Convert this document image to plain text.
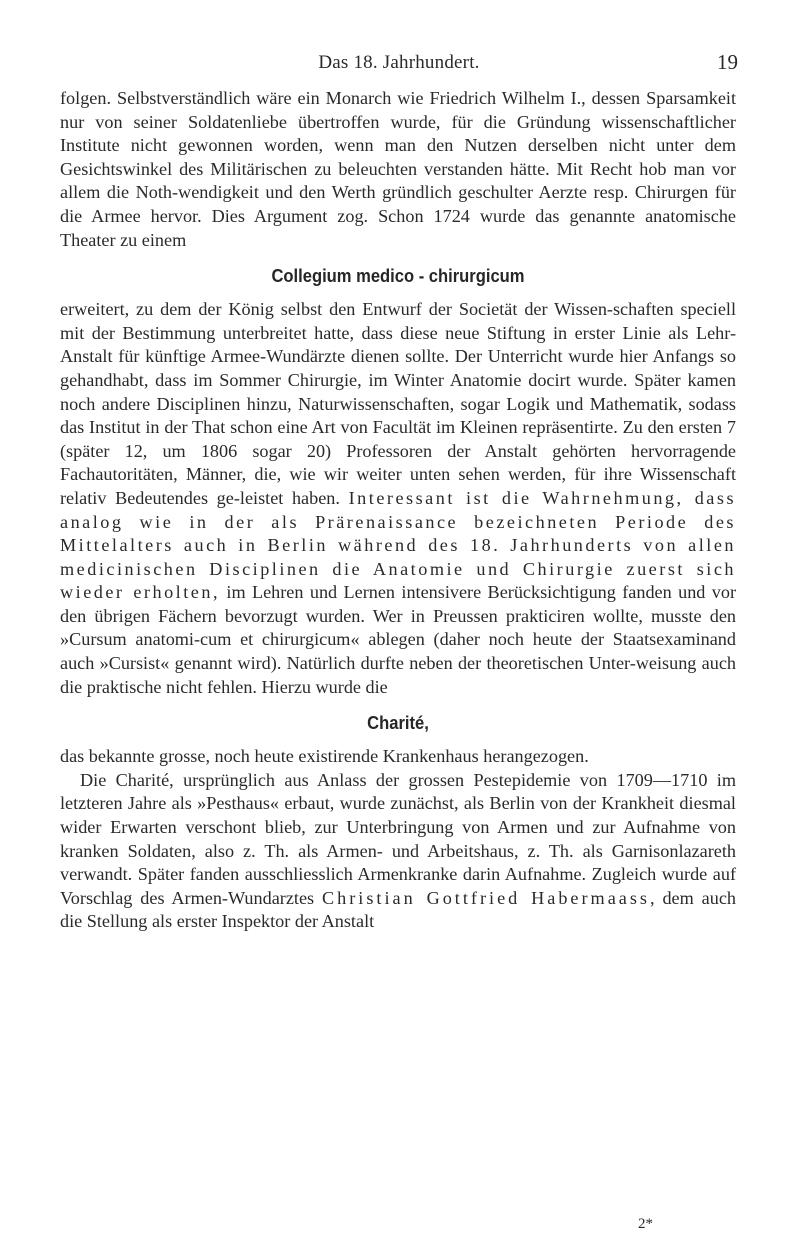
Das 18. Jahrhundert.	19

folgen. Selbstverständlich wäre ein Monarch wie Friedrich Wilhelm I., dessen Sparsamkeit nur von seiner Soldatenliebe übertroffen wurde, für die Gründung wissenschaftlicher Institute nicht gewonnen worden, wenn man den Nutzen derselben nicht unter dem Gesichtswinkel des Militärischen zu beleuchten verstanden hätte. Mit Recht hob man vor allem die Noth-wendigkeit und den Werth gründlich geschulter Aerzte resp. Chirurgen für die Armee hervor. Dies Argument zog. Schon 1724 wurde das genannte anatomische Theater zu einem

Collegium medico - chirurgicum

erweitert, zu dem der König selbst den Entwurf der Societät der Wissen-schaften speciell mit der Bestimmung unterbreitet hatte, dass diese neue Stiftung in erster Linie als Lehr-Anstalt für künftige Armee-Wundärzte dienen sollte. Der Unterricht wurde hier Anfangs so gehandhabt, dass im Sommer Chirurgie, im Winter Anatomie docirt wurde. Später kamen noch andere Disciplinen hinzu, Naturwissenschaften, sogar Logik und Mathematik, sodass das Institut in der That schon eine Art von Facultät im Kleinen repräsentirte. Zu den ersten 7 (später 12, um 1806 sogar 20) Professoren der Anstalt gehörten hervorragende Fachautoritäten, Männer, die, wie wir weiter unten sehen werden, für ihre Wissenschaft relativ Bedeutendes ge-leistet haben. Interessant ist die Wahrnehmung, dass analog wie in der als Prärenaissance bezeichneten Periode des Mittelalters auch in Berlin während des 18. Jahrhunderts von allen medicinischen Disciplinen die Anatomie und Chirurgie zuerst sich wieder erholten, im Lehren und Lernen intensivere Berücksichtigung fanden und vor den übrigen Fächern bevorzugt wurden. Wer in Preussen prakticiren wollte, musste den »Cursum anatomi-cum et chirurgicum« ablegen (daher noch heute der Staatsexaminand auch »Cursist« genannt wird). Natürlich durfte neben der theoretischen Unter-weisung auch die praktische nicht fehlen. Hierzu wurde die

Charité,

das bekannte grosse, noch heute existirende Krankenhaus herangezogen.

Die Charité, ursprünglich aus Anlass der grossen Pestepidemie von 1709—1710 im letzteren Jahre als »Pesthaus« erbaut, wurde zunächst, als Berlin von der Krankheit diesmal wider Erwarten verschont blieb, zur Unterbringung von Armen und zur Aufnahme von kranken Soldaten, also z. Th. als Armen- und Arbeitshaus, z. Th. als Garnisonlazareth verwandt. Später fanden ausschliesslich Armenkranke darin Aufnahme. Zugleich wurde auf Vorschlag des Armen-Wundarztes Christian Gottfried Habermaass, dem auch die Stellung als erster Inspektor der Anstalt

2*
